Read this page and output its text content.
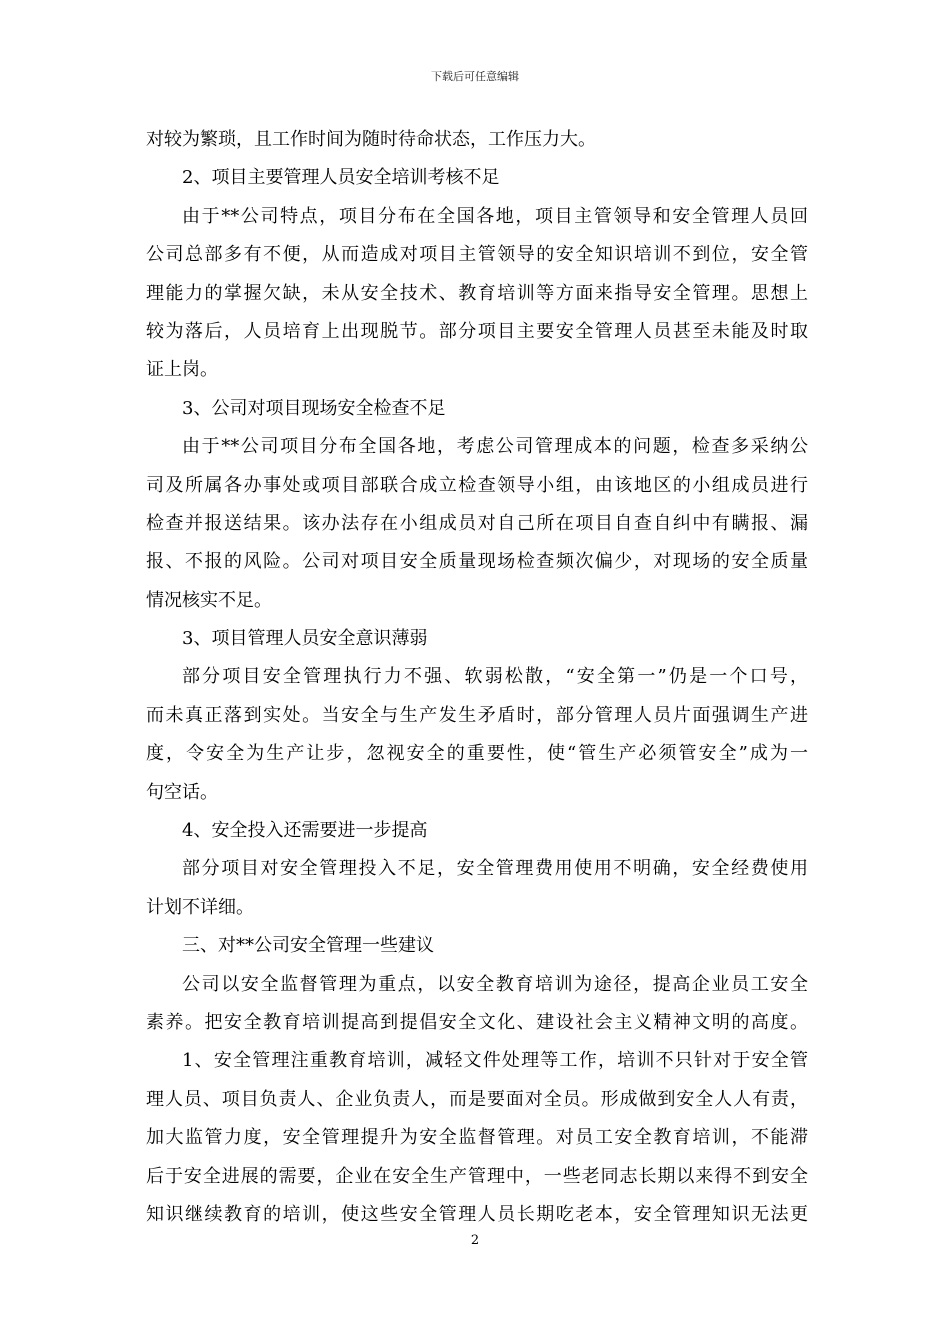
下载后可任意编辑
对较为繁琐，且工作时间为随时待命状态，工作压力大。
2、项目主要管理人员安全培训考核不足
由于**公司特点，项目分布在全国各地，项目主管领导和安全管理人员回
公司总部多有不便，从而造成对项目主管领导的安全知识培训不到位，安全管
理能力的掌握欠缺，未从安全技术、教育培训等方面来指导安全管理。思想上
较为落后，人员培育上出现脱节。部分项目主要安全管理人员甚至未能及时取
证上岗。
3、公司对项目现场安全检查不足
由于**公司项目分布全国各地，考虑公司管理成本的问题，检查多采纳公
司及所属各办事处或项目部联合成立检查领导小组，由该地区的小组成员进行
检查并报送结果。该办法存在小组成员对自己所在项目自查自纠中有瞒报、漏
报、不报的风险。公司对项目安全质量现场检查频次偏少，对现场的安全质量
情况核实不足。
3、项目管理人员安全意识薄弱
部分项目安全管理执行力不强、软弱松散，“安全第一”仍是一个口号，
而未真正落到实处。当安全与生产发生矛盾时，部分管理人员片面强调生产进
度，令安全为生产让步，忽视安全的重要性，使“管生产必须管安全”成为一
句空话。
4、安全投入还需要进一步提高
部分项目对安全管理投入不足，安全管理费用使用不明确，安全经费使用
计划不详细。
三、对**公司安全管理一些建议
公司以安全监督管理为重点，以安全教育培训为途径，提高企业员工安全
素养。把安全教育培训提高到提倡安全文化、建设社会主义精神文明的高度。
1、安全管理注重教育培训，减轻文件处理等工作，培训不只针对于安全管
理人员、项目负责人、企业负责人，而是要面对全员。形成做到安全人人有责，
加大监管力度，安全管理提升为安全监督管理。对员工安全教育培训，不能滞
后于安全进展的需要，企业在安全生产管理中，一些老同志长期以来得不到安全
知识继续教育的培训，使这些安全管理人员长期吃老本，安全管理知识无法更
2
